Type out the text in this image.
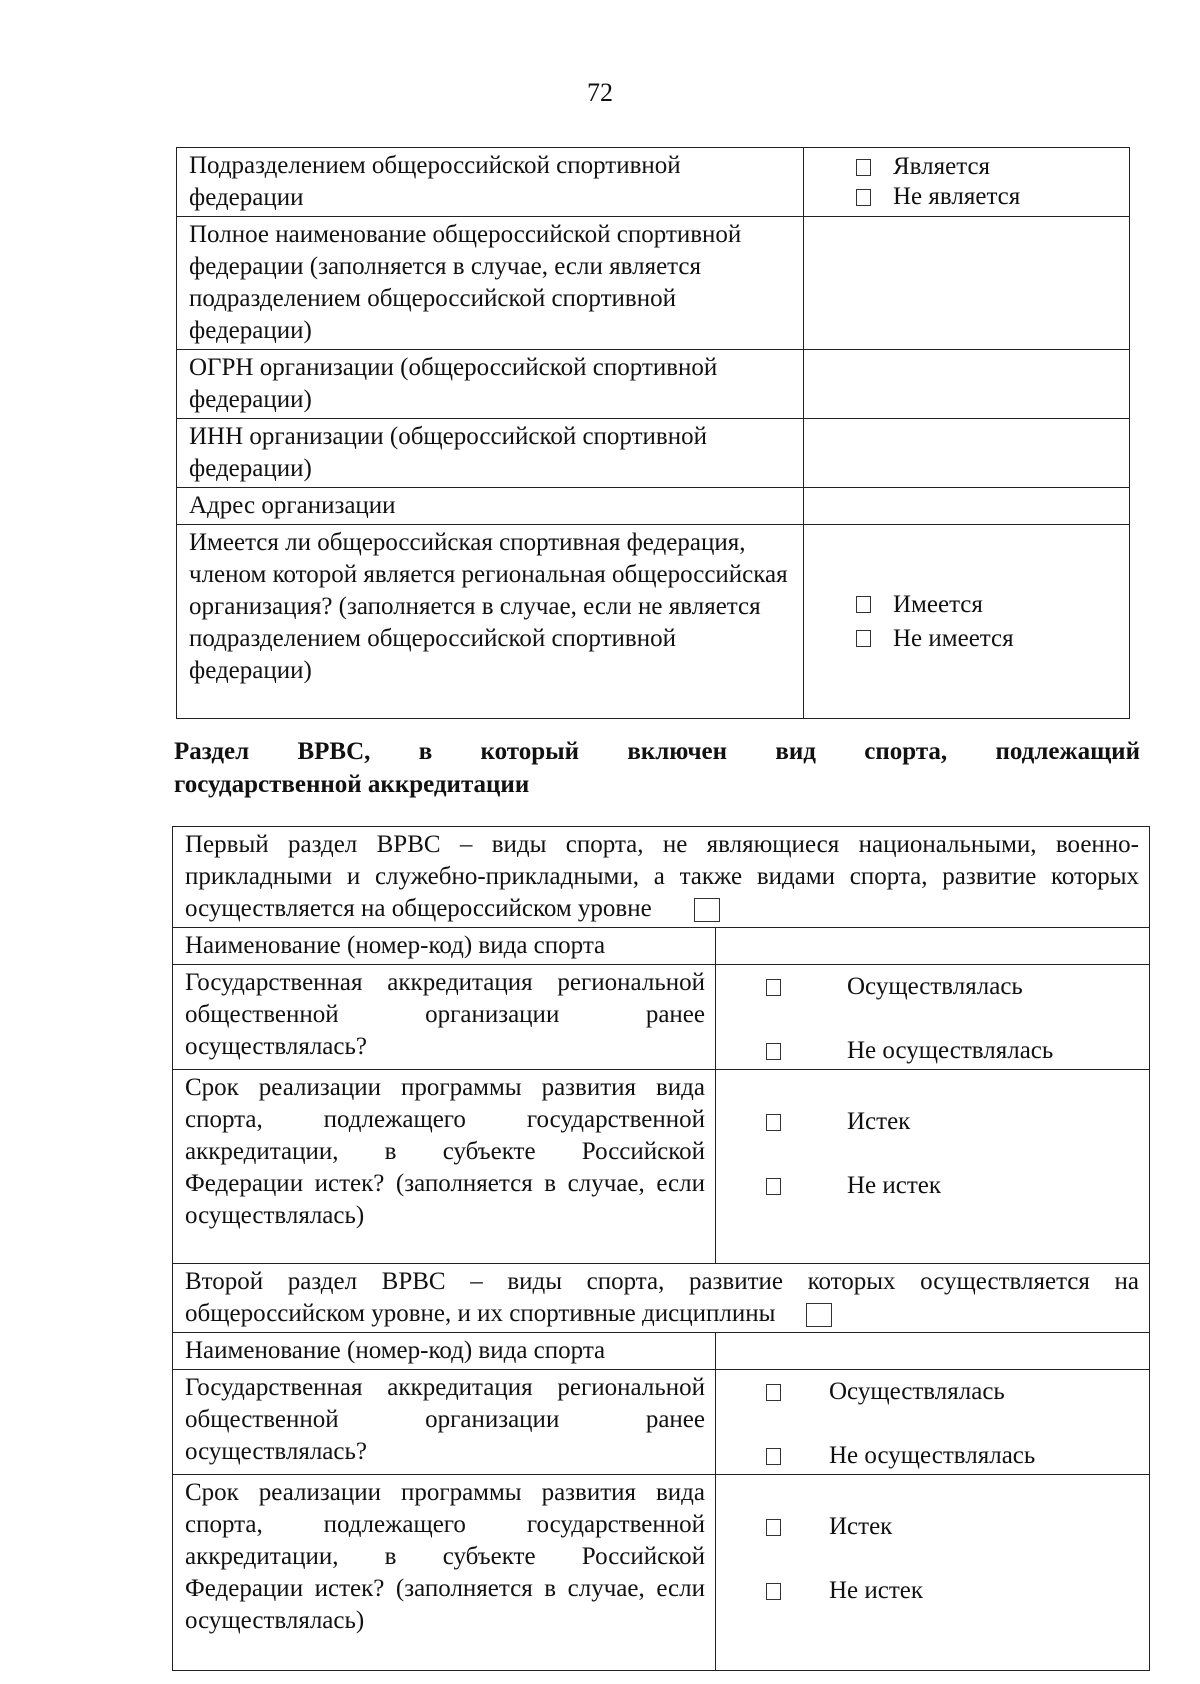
72
Подразделением общероссийской спортивной федерации	Является
Не является

Полное наименование общероссийской спортивной федерации (заполняется в случае, если является подразделением общероссийской спортивной федерации)	
ОГРН организации (общероссийской спортивной федерации)	
ИНН организации (общероссийской спортивной федерации)	
Адрес организации	
Имеется ли общероссийская спортивная федерация, членом которой является региональная общероссийская организация? (заполняется в случае, если не является подразделением общероссийской спортивной федерации)	Имеется
Не имеется
Раздел ВРВС, в который включен вид спорта, подлежащий
государственной аккредитации
Первый раздел ВРВС – виды спорта, не являющиеся национальными, военно-прикладными и служебно-прикладными, а также видами спорта, развитие которых осуществляется на общероссийском уровне	
Наименование (номер-код) вида спорта	
Государственная аккредитация региональной общественной организации ранее осуществлялась?	Осуществлялась
Не осуществлялась

Срок реализации программы развития вида спорта, подлежащего государственной аккредитации, в субъекте Российской Федерации истек? (заполняется в случае, если осуществлялась)	Истек
Не истек

Второй раздел ВРВС – виды спорта, развитие которых осуществляется на общероссийском уровне, и их спортивные дисциплины	
Наименование (номер-код) вида спорта	
Государственная аккредитация региональной общественной организации ранее осуществлялась?	Осуществлялась
Не осуществлялась

Срок реализации программы развития вида спорта, подлежащего государственной аккредитации, в субъекте Российской Федерации истек? (заполняется в случае, если осуществлялась)	Истек
Не истек
